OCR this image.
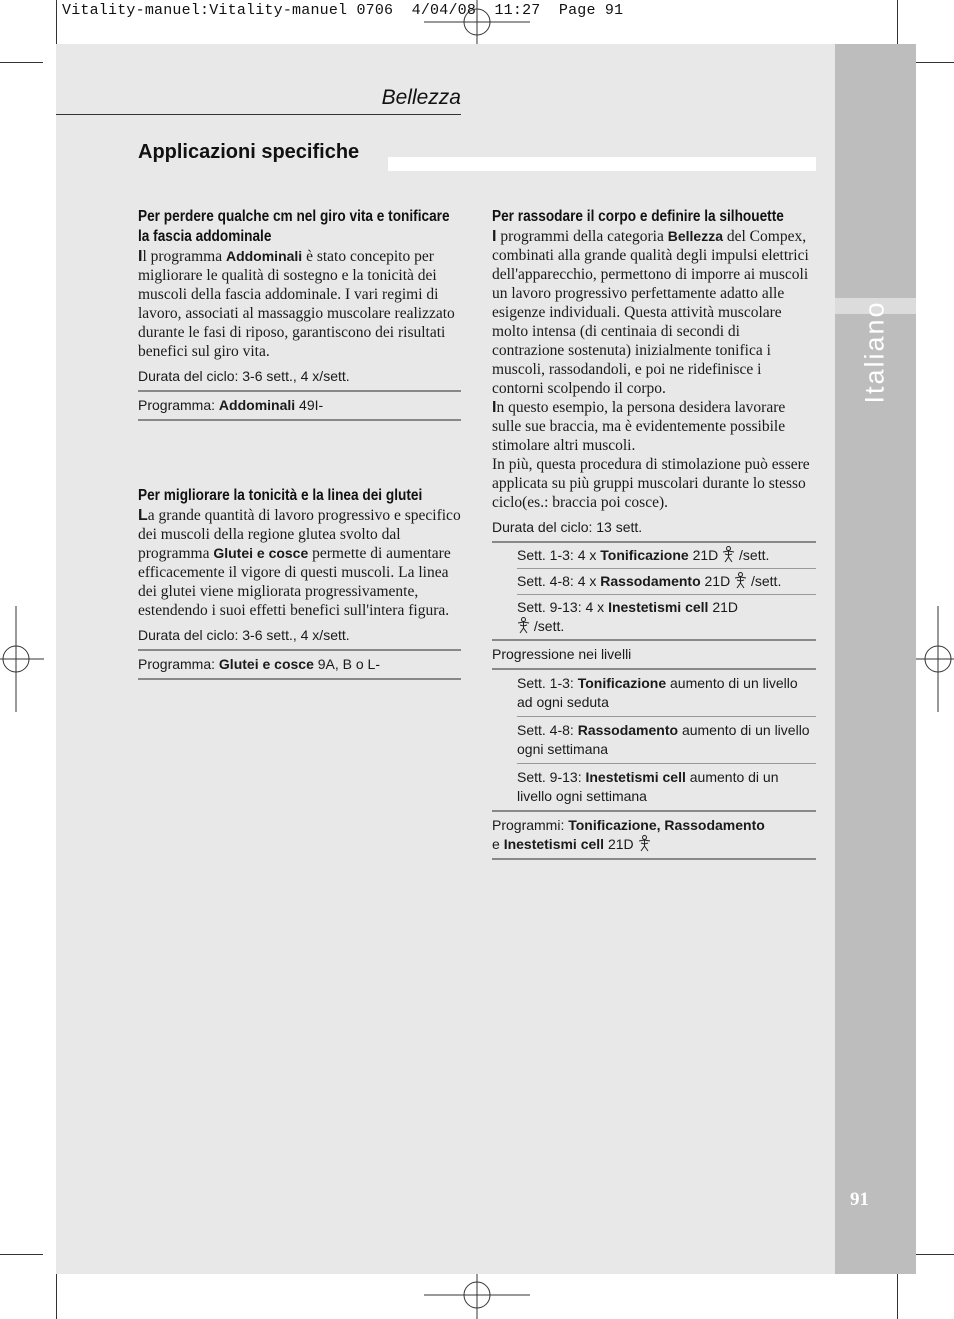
Vitality-manuel:Vitality-manuel 0706  4/04/08  11:27  Page 91
Italiano
91
Bellezza
Applicazioni specifiche

Per perdere qualche cm nel giro vita e tonificare la fascia addominale

Il programma Addominali è stato concepito per migliorare le qualità di sostegno e la tonicità dei muscoli della fascia addominale. I vari regimi di lavoro, associati al massaggio muscolare realizzato durante le fasi di riposo, garantiscono dei risultati benefici sul giro vita.

Durata del ciclo: 3-6 sett., 4 x/sett.
Programma: Addominali 49I-

Per migliorare la tonicità e la linea dei glutei

La grande quantità di lavoro progressivo e specifico dei muscoli della regione glutea svolto dal programma Glutei e cosce permette di aumentare efficacemente il vigore di questi muscoli. La linea dei glutei viene migliorata progressivamente, estendendo i suoi effetti benefici sull'intera figura.

Durata del ciclo: 3-6 sett., 4 x/sett.
Programma: Glutei e cosce 9A, B o L-

Per rassodare il corpo e definire la silhouette

I programmi della categoria Bellezza del Compex, combinati alla grande qualità degli impulsi elettrici dell'apparecchio, permettono di imporre ai muscoli un lavoro progressivo perfettamente adatto alle esigenze individuali. Questa attività muscolare molto intensa (di centinaia di secondi di contrazione sostenuta) inizialmente tonifica i muscoli, rassodandoli, e poi ne ridefinisce i contorni scolpendo il corpo.

In questo esempio, la persona desidera lavorare sulle sue braccia, ma è evidentemente possibile stimolare altri muscoli.

In più, questa procedura di stimolazione può essere applicata su più gruppi muscolari durante lo stesso ciclo(es.: braccia poi cosce).

Durata del ciclo: 13 sett.
Sett. 1-3: 4 x Tonificazione 21D  /sett.
Sett. 4-8: 4 x Rassodamento 21D  /sett.
Sett. 9-13: 4 x Inestetismi cell 21D
/sett.
Progressione nei livelli
Sett. 1-3: Tonificazione aumento di un livello ad ogni seduta
Sett. 4-8: Rassodamento aumento di un livello ogni settimana
Sett. 9-13: Inestetismi cell aumento di un livello ogni settimana
Programmi: Tonificazione, Rassodamento
e Inestetismi cell 21D
